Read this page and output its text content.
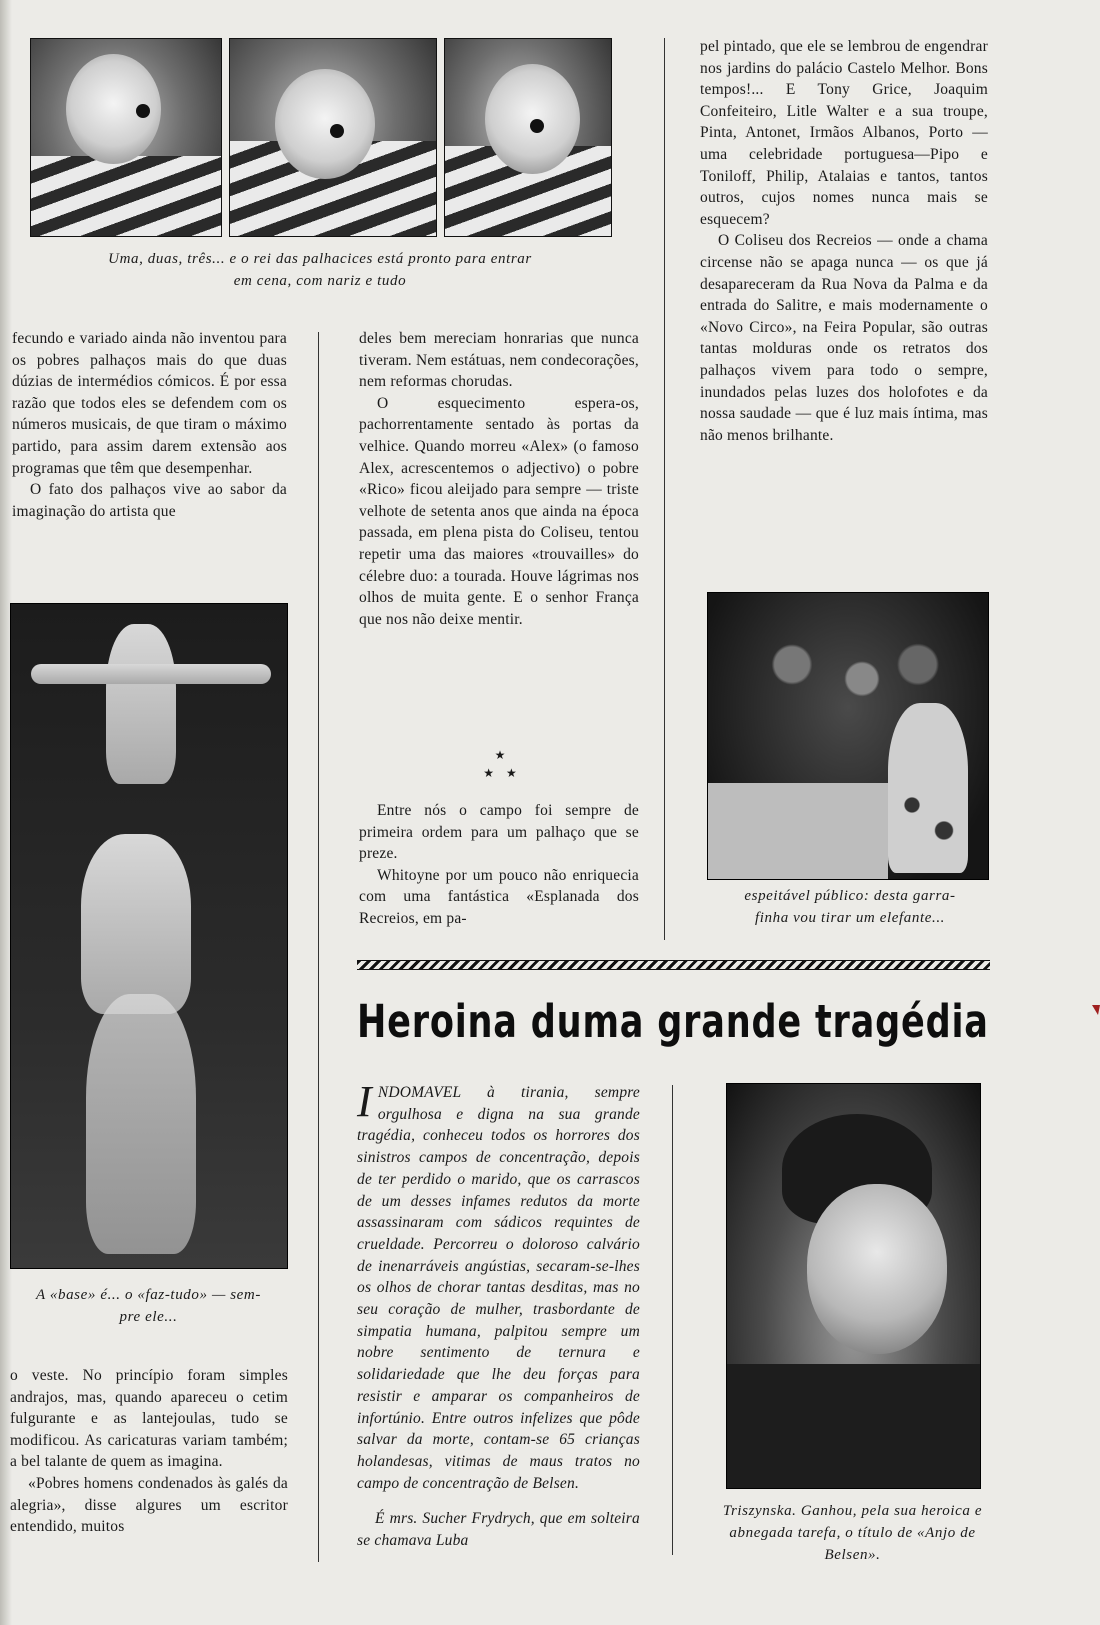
Uma, duas, três... e o rei das palhacices está pronto para entrar
em cena, com nariz e tudo

fecundo e variado ainda não inventou para os pobres palhaços mais do que duas dúzias de intermédios cómicos. É por essa razão que todos eles se defendem com os números musicais, de que tiram o máximo partido, para assim darem extensão aos programas que têm que desempenhar.

O fato dos palhaços vive ao sabor da imaginação do artista que

A «base» é... o «faz-tudo» — sem-
pre ele...

o veste. No princípio foram simples andrajos, mas, quando apareceu o cetim fulgurante e as lantejoulas, tudo se modificou. As caricaturas variam também; a bel talante de quem as imagina.

«Pobres homens condenados às galés da alegria», disse algures um escritor entendido, muitos

deles bem mereciam honrarias que nunca tiveram. Nem estátuas, nem condecorações, nem reformas chorudas.

O esquecimento espera-os, pachorrentamente sentado às portas da velhice. Quando morreu «Alex» (o famoso Alex, acrescentemos o adjectivo) o pobre «Rico» ficou aleijado para sempre — triste velhote de setenta anos que ainda na época passada, em plena pista do Coliseu, tentou repetir uma das maiores «trouvailles» do célebre duo: a tourada. Houve lágrimas nos olhos de muita gente. E o senhor França que nos não deixe mentir.

★
★    ★

Entre nós o campo foi sempre de primeira ordem para um palhaço que se preze.

Whitoyne por um pouco não enriquecia com uma fantástica «Esplanada dos Recreios, em pa-

pel pintado, que ele se lembrou de engendrar nos jardins do palácio Castelo Melhor. Bons tempos!... E Tony Grice, Joaquim Confeiteiro, Litle Walter e a sua troupe, Pinta, Antonet, Irmãos Albanos, Porto — uma celebridade portuguesa—Pipo e Toniloff, Philip, Atalaias e tantos, tantos outros, cujos nomes nunca mais se esquecem?

O Coliseu dos Recreios — onde a chama circense não se apaga nunca — os que já desapareceram da Rua Nova da Palma e da entrada do Salitre, e mais modernamente o «Novo Circo», na Feira Popular, são outras tantas molduras onde os retratos dos palhaços vivem para todo o sempre, inundados pelas luzes dos holofotes e da nossa saudade — que é luz mais íntima, mas não menos brilhante.

espeitável público: desta garra-
finha vou tirar um elefante...
Heroina duma grande tragédia

INDOMAVEL à tirania, sempre orgulhosa e digna na sua grande tragédia, conheceu todos os horrores dos sinistros campos de concentração, depois de ter perdido o marido, que os carrascos de um desses infames redutos da morte assassinaram com sádicos requintes de crueldade. Percorreu o doloroso calvário de inenarráveis angústias, secaram-se-lhes os olhos de chorar tantas desditas, mas no seu coração de mulher, trasbordante de simpatia humana, palpitou sempre um nobre sentimento de ternura e solidariedade que lhe deu forças para resistir e amparar os companheiros de infortúnio. Entre outros infelizes que pôde salvar da morte, contam-se 65 crianças holandesas, vitimas de maus tratos no campo de concentração de Belsen.

É mrs. Sucher Frydrych, que em solteira se chamava Luba

Triszynska. Ganhou, pela sua heroica e abnegada tarefa, o título de «Anjo de Belsen».
